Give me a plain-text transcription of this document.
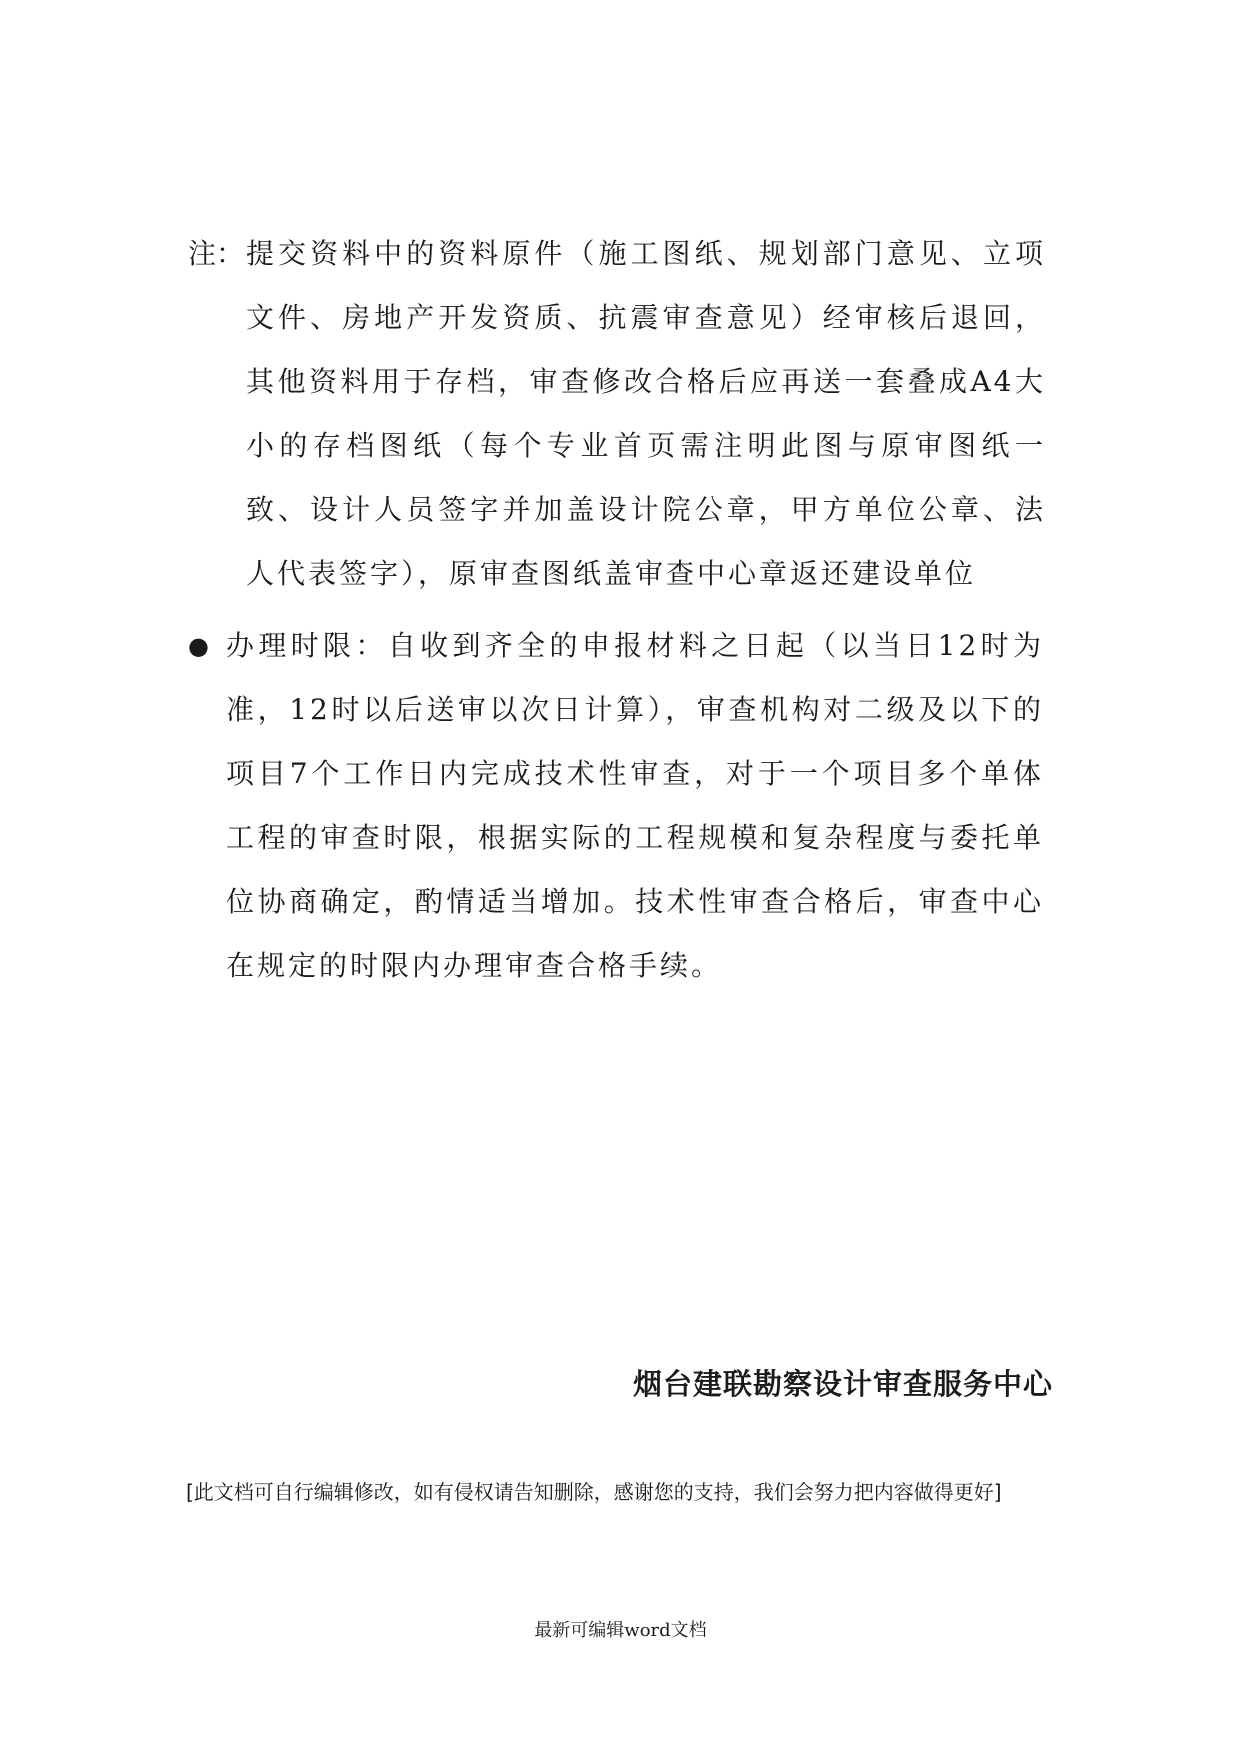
注： 提交资料中的资料原件（施工图纸、规划部门意见、立项文件、房地产开发资质、抗震审查意见）经审核后退回，其他资料用于存档，审查修改合格后应再送一套叠成A4大小的存档图纸（每个专业首页需注明此图与原审图纸一致、设计人员签字并加盖设计院公章，甲方单位公章、法人代表签字），原审查图纸盖审查中心章返还建设单位
● 办理时限：自收到齐全的申报材料之日起（以当日12时为准，12时以后送审以次日计算），审查机构对二级及以下的项目7个工作日内完成技术性审查，对于一个项目多个单体工程的审查时限，根据实际的工程规模和复杂程度与委托单位协商确定，酌情适当增加。技术性审查合格后，审查中心在规定的时限内办理审查合格手续。
烟台建联勘察设计审查服务中心
[此文档可自行编辑修改，如有侵权请告知删除，感谢您的支持，我们会努力把内容做得更好]
最新可编辑word文档
